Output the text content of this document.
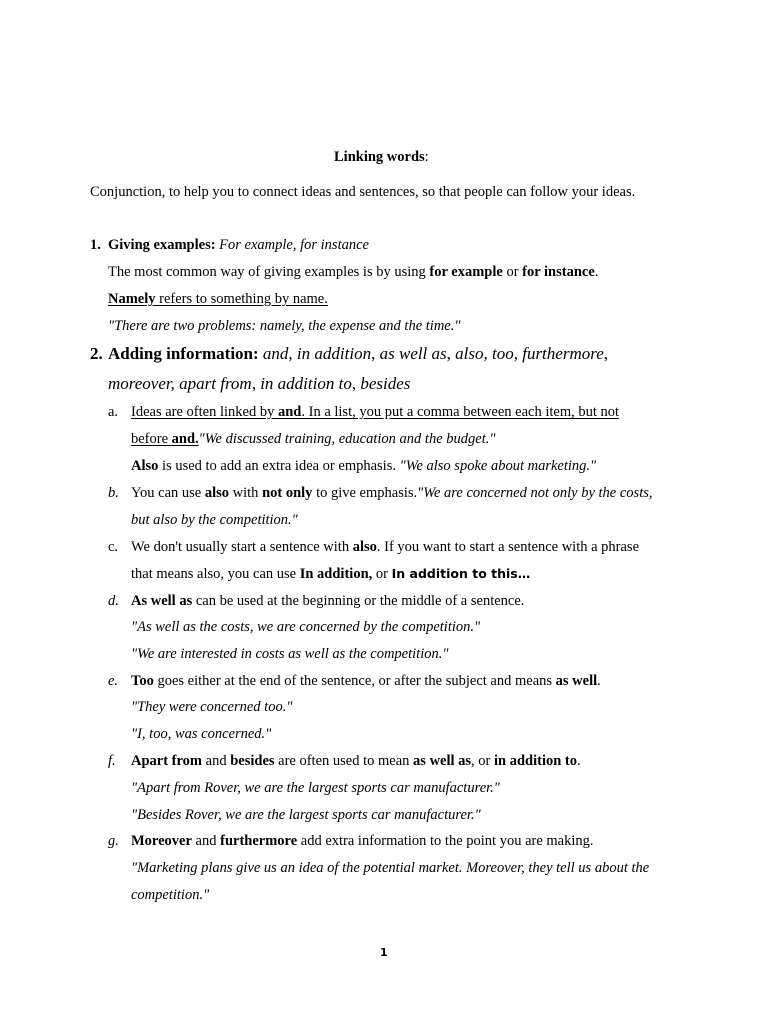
Linking words:
Conjunction, to help you to connect ideas and sentences, so that people can follow your ideas.
1. Giving examples: For example, for instance
The most common way of giving examples is by using for example or for instance.
Namely refers to something by name.
"There are two problems: namely, the expense and the time."
2. Adding information: and, in addition, as well as, also, too, furthermore,
moreover, apart from, in addition to, besides
a. Ideas are often linked by and. In a list, you put a comma between each item, but not
before and."We discussed training, education and the budget."
Also is used to add an extra idea or emphasis. "We also spoke about marketing."
b. You can use also with not only to give emphasis."We are concerned not only by the costs,
but also by the competition."
c. We don't usually start a sentence with also. If you want to start a sentence with a phrase
that means also, you can use In addition, or In addition to this…
d. As well as can be used at the beginning or the middle of a sentence.
"As well as the costs, we are concerned by the competition."
"We are interested in costs as well as the competition."
e. Too goes either at the end of the sentence, or after the subject and means as well.
"They were concerned too."
"I, too, was concerned."
f. Apart from and besides are often used to mean as well as, or in addition to.
"Apart from Rover, we are the largest sports car manufacturer."
"Besides Rover, we are the largest sports car manufacturer."
g. Moreover and furthermore add extra information to the point you are making.
"Marketing plans give us an idea of the potential market. Moreover, they tell us about the
competition."
1
